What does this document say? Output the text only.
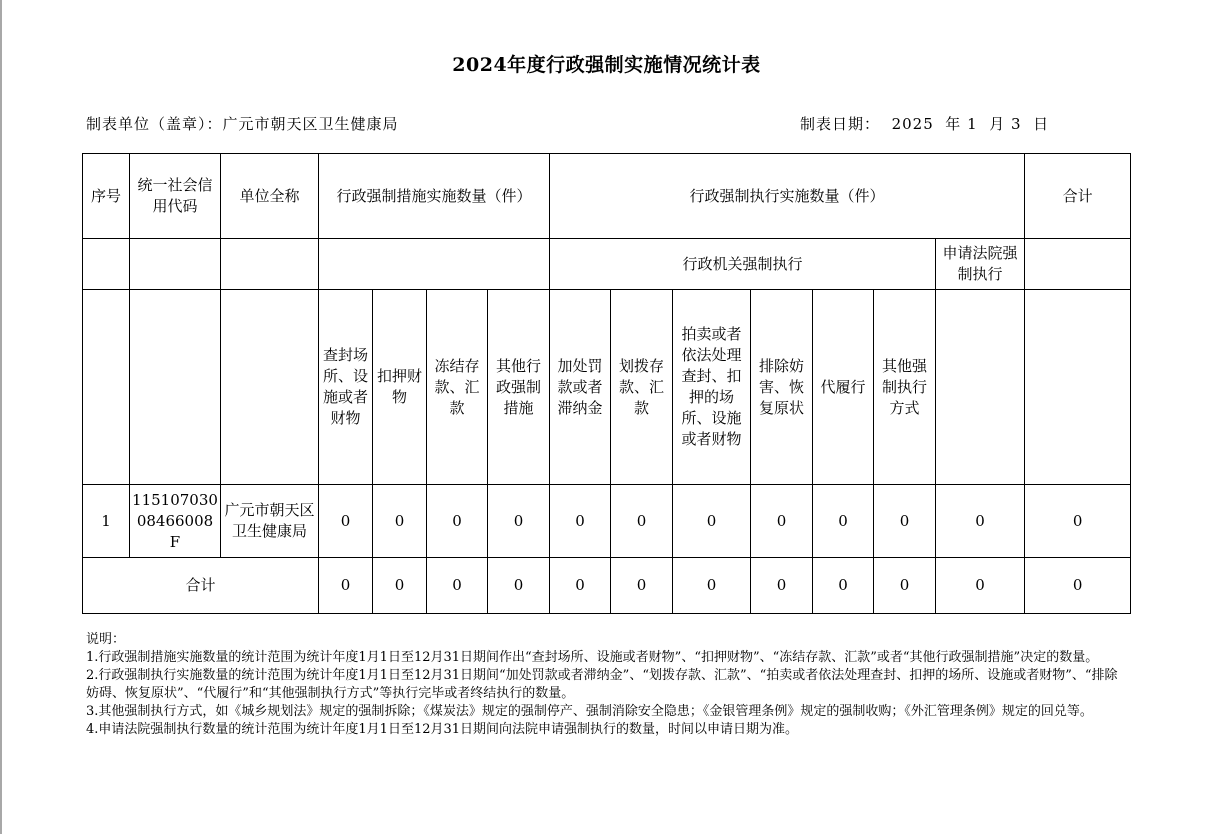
2024年度行政强制实施情况统计表
制表单位（盖章）：广元市朝天区卫生健康局	制表日期： 2025 年 1 月 3 日
序号	统一社会信用代码	单位全称	行政强制措施实施数量（件）				行政强制执行实施数量（件）							合计
							行政机关强制执行						申请法院强制执行	
			查封场所、设施或者财物	扣押财物	冻结存款、汇款	其他行政强制措施	加处罚款或者滞纳金	划拨存款、汇款	拍卖或者依法处理查封、扣押的场所、设施或者财物	排除妨害、恢复原状	代履行	其他强制执行方式		
1	11510703008466008F	广元市朝天区卫生健康局	0	0	0	0	0	0	0	0	0	0	0	0
合计			0	0	0	0	0	0	0	0	0	0	0	0
说明：
1.行政强制措施实施数量的统计范围为统计年度1月1日至12月31日期间作出“查封场所、设施或者财物”、“扣押财物”、“冻结存款、汇款”或者“其他行政强制措施”决定的数量。
2.行政强制执行实施数量的统计范围为统计年度1月1日至12月31日期间“加处罚款或者滞纳金”、“划拨存款、汇款”、“拍卖或者依法处理查封、扣押的场所、设施或者财物”、“排除妨碍、恢复原状”、“代履行”和“其他强制执行方式”等执行完毕或者终结执行的数量。
3.其他强制执行方式，如《城乡规划法》规定的强制拆除；《煤炭法》规定的强制停产、强制消除安全隐患；《金银管理条例》规定的强制收购；《外汇管理条例》规定的回兑等。
4.申请法院强制执行数量的统计范围为统计年度1月1日至12月31日期间向法院申请强制执行的数量，时间以申请日期为准。
